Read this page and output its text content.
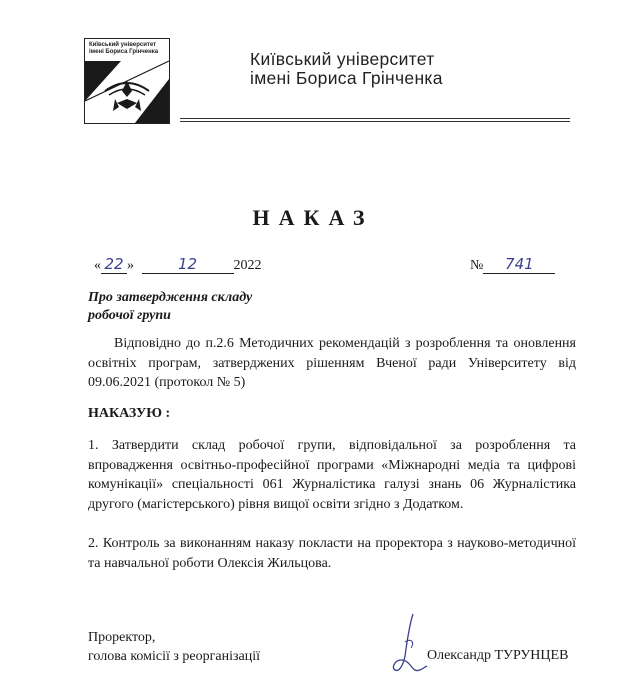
Київський університет
імені Бориса Грінченка	Київський університет
імені Бориса Грінченка
НАКАЗ
« 22 »	12	2022	№ 741
Про затвердження складу
робочої групи
Відповідно до п.2.6 Методичних рекомендацій з розроблення та оновлення освітніх програм, затверджених рішенням Вченої ради Університету від 09.06.2021 (протокол № 5)
НАКАЗУЮ :
1. Затвердити склад робочої групи, відповідальної за розроблення та впровадження освітньо-професійної програми «Міжнародні медіа та цифрові комунікації» спеціальності 061 Журналістика галузі знань 06 Журналістика другого (магістерського) рівня вищої освіти згідно з Додатком.
2. Контроль за виконанням наказу покласти на проректора з науково-методичної та навчальної роботи Олексія Жильцова.
Проректор,
голова комісії з реорганізації	Олександр ТУРУНЦЕВ
